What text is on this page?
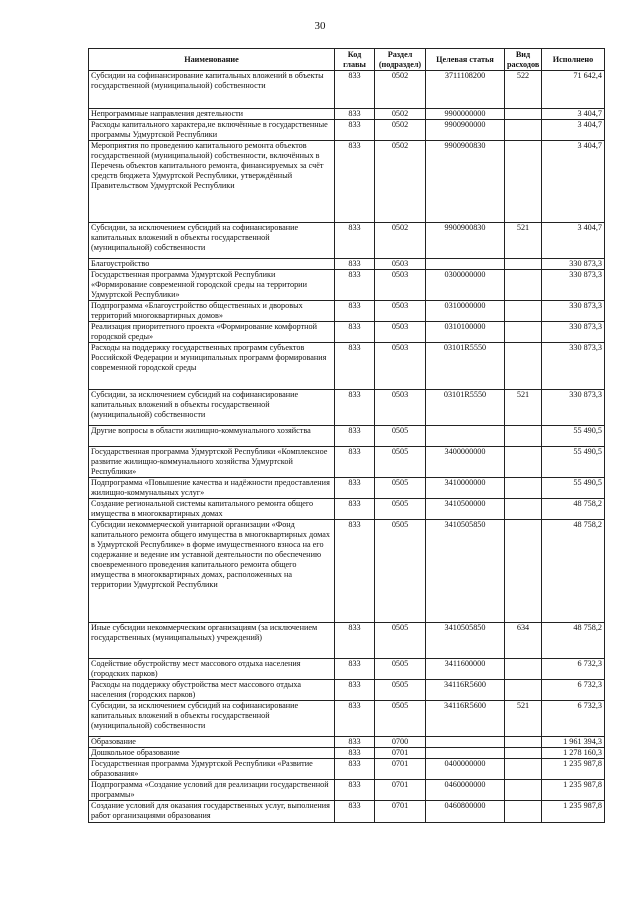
30
Наименование	Код главы	Раздел (подраздел)	Целевая статья	Вид расходов	Исполнено
Субсидии на софинансирование капитальных вложений в объекты государственной (муниципальной) собственности	833	0502	3711108200	522	71 642,4
Непрограммные направления деятельности	833	0502	9900000000		3 404,7
Расходы капитального характера,не включённые в государственные программы Удмуртской Республики	833	0502	9900900000		3 404,7
Мероприятия по проведению капитального ремонта объектов государственной (муниципальной) собственности, включённых в Перечень объектов капитального ремонта, финансируемых за счёт средств бюджета Удмуртской Республики, утверждённый Правительством Удмуртской Республики	833	0502	9900900830		3 404,7
Субсидии, за исключением субсидий на софинансирование капитальных вложений в объекты государственной (муниципальной) собственности	833	0502	9900900830	521	3 404,7
Благоустройство	833	0503			330 873,3
Государственная программа Удмуртской Республики «Формирование современной городской среды на территории Удмуртской Республики»	833	0503	0300000000		330 873,3
Подпрограмма «Благоустройство общественных и дворовых территорий многоквартирных домов»	833	0503	0310000000		330 873,3
Реализация приоритетного проекта «Формирование комфортной городской среды»	833	0503	0310100000		330 873,3
Расходы на поддержку государственных программ субъектов Российской Федерации и муниципальных программ формирования современной городской среды	833	0503	03101R5550		330 873,3
Субсидии, за исключением субсидий на софинансирование капитальных вложений в объекты государственной (муниципальной) собственности	833	0503	03101R5550	521	330 873,3
Другие вопросы в области жилищно-коммунального хозяйства	833	0505			55 490,5
Государственная программа Удмуртской Республики «Комплексное развитие жилищно-коммунального хозяйства Удмуртской Республики»	833	0505	3400000000		55 490,5
Подпрограмма «Повышение качества и надёжности предоставления жилищно-коммунальных услуг»	833	0505	3410000000		55 490,5
Создание региональной системы капитального ремонта общего имущества в многоквартирных домах	833	0505	3410500000		48 758,2
Субсидии некоммерческой унитарной организации «Фонд капитального ремонта общего имущества в многоквартирных домах в Удмуртской Республике» в форме имущественного взноса на его содержание и ведение им уставной деятельности по обеспечению своевременного проведения капитального ремонта общего имущества в многоквартирных домах, расположенных на территории Удмуртской Республики	833	0505	3410505850		48 758,2
Иные субсидии некоммерческим организациям (за исключением государственных (муниципальных) учреждений)	833	0505	3410505850	634	48 758,2
Содействие обустройству мест массового отдыха населения (городских парков)	833	0505	3411600000		6 732,3
Расходы на поддержку обустройства мест массового отдыха населения (городских парков)	833	0505	34116R5600		6 732,3
Субсидии, за исключением субсидий на софинансирование капитальных вложений в объекты государственной (муниципальной) собственности	833	0505	34116R5600	521	6 732,3
Образование	833	0700			1 961 394,3
Дошкольное образование	833	0701			1 278 160,3
Государственная программа Удмуртской Республики «Развитие образования»	833	0701	0400000000		1 235 987,8
Подпрограмма «Создание условий для реализации государственной программы»	833	0701	0460000000		1 235 987,8
Создание условий для оказания государственных услуг, выполнения работ организациями образования	833	0701	0460800000		1 235 987,8
